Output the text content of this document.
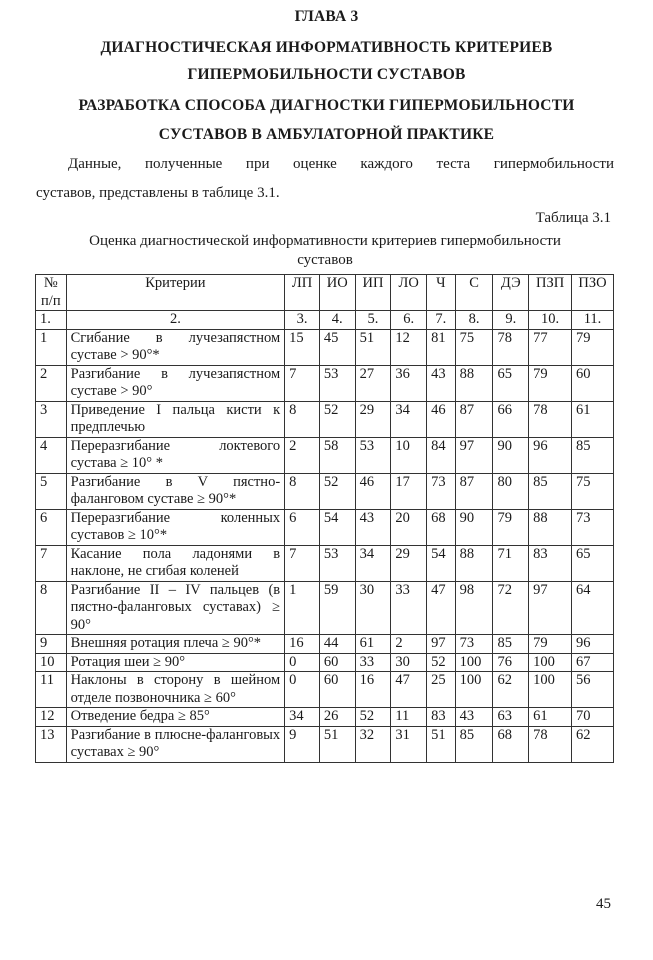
ГЛАВА 3
ДИАГНОСТИЧЕСКАЯ ИНФОРМАТИВНОСТЬ КРИТЕРИЕВ
ГИПЕРМОБИЛЬНОСТИ СУСТАВОВ
РАЗРАБОТКА СПОСОБА ДИАГНОСТКИ ГИПЕРМОБИЛЬНОСТИ
СУСТАВОВ В АМБУЛАТОРНОЙ ПРАКТИКЕ
Данные, полученные при оценке каждого теста гипермобильности
суставов, представлены в таблице 3.1.
Таблица 3.1
Оценка диагностической информативности критериев гипермобильности
суставов
№ п/п	Критерии	ЛП	ИО	ИП	ЛО	Ч	С	ДЭ	ПЗП	ПЗО
1.	2.	3.	4.	5.	6.	7.	8.	9.	10.	11.
1	Сгибание в лучезапястном суставе > 90°*	15	45	51	12	81	75	78	77	79
2	Разгибание в лучезапястном суставе > 90°	7	53	27	36	43	88	65	79	60
3	Приведение I пальца кисти к предплечью	8	52	29	34	46	87	66	78	61
4	Переразгибание локтевого сустава ≥ 10° *	2	58	53	10	84	97	90	96	85
5	Разгибание в V пястно-фаланговом суставе ≥ 90°*	8	52	46	17	73	87	80	85	75
6	Переразгибание коленных суставов ≥ 10°*	6	54	43	20	68	90	79	88	73
7	Касание пола ладонями в наклоне, не сгибая коленей	7	53	34	29	54	88	71	83	65
8	Разгибание II – IV пальцев (в пястно-фаланговых суставах) ≥ 90°	1	59	30	33	47	98	72	97	64
9	Внешняя ротация плеча ≥ 90°*	16	44	61	2	97	73	85	79	96
10	Ротация шеи ≥ 90°	0	60	33	30	52	100	76	100	67
11	Наклоны в сторону в шейном отделе позвоночника ≥ 60°	0	60	16	47	25	100	62	100	56
12	Отведение бедра ≥ 85°	34	26	52	11	83	43	63	61	70
13	Разгибание в плюсне-фаланговых суставах ≥ 90°	9	51	32	31	51	85	68	78	62
45
